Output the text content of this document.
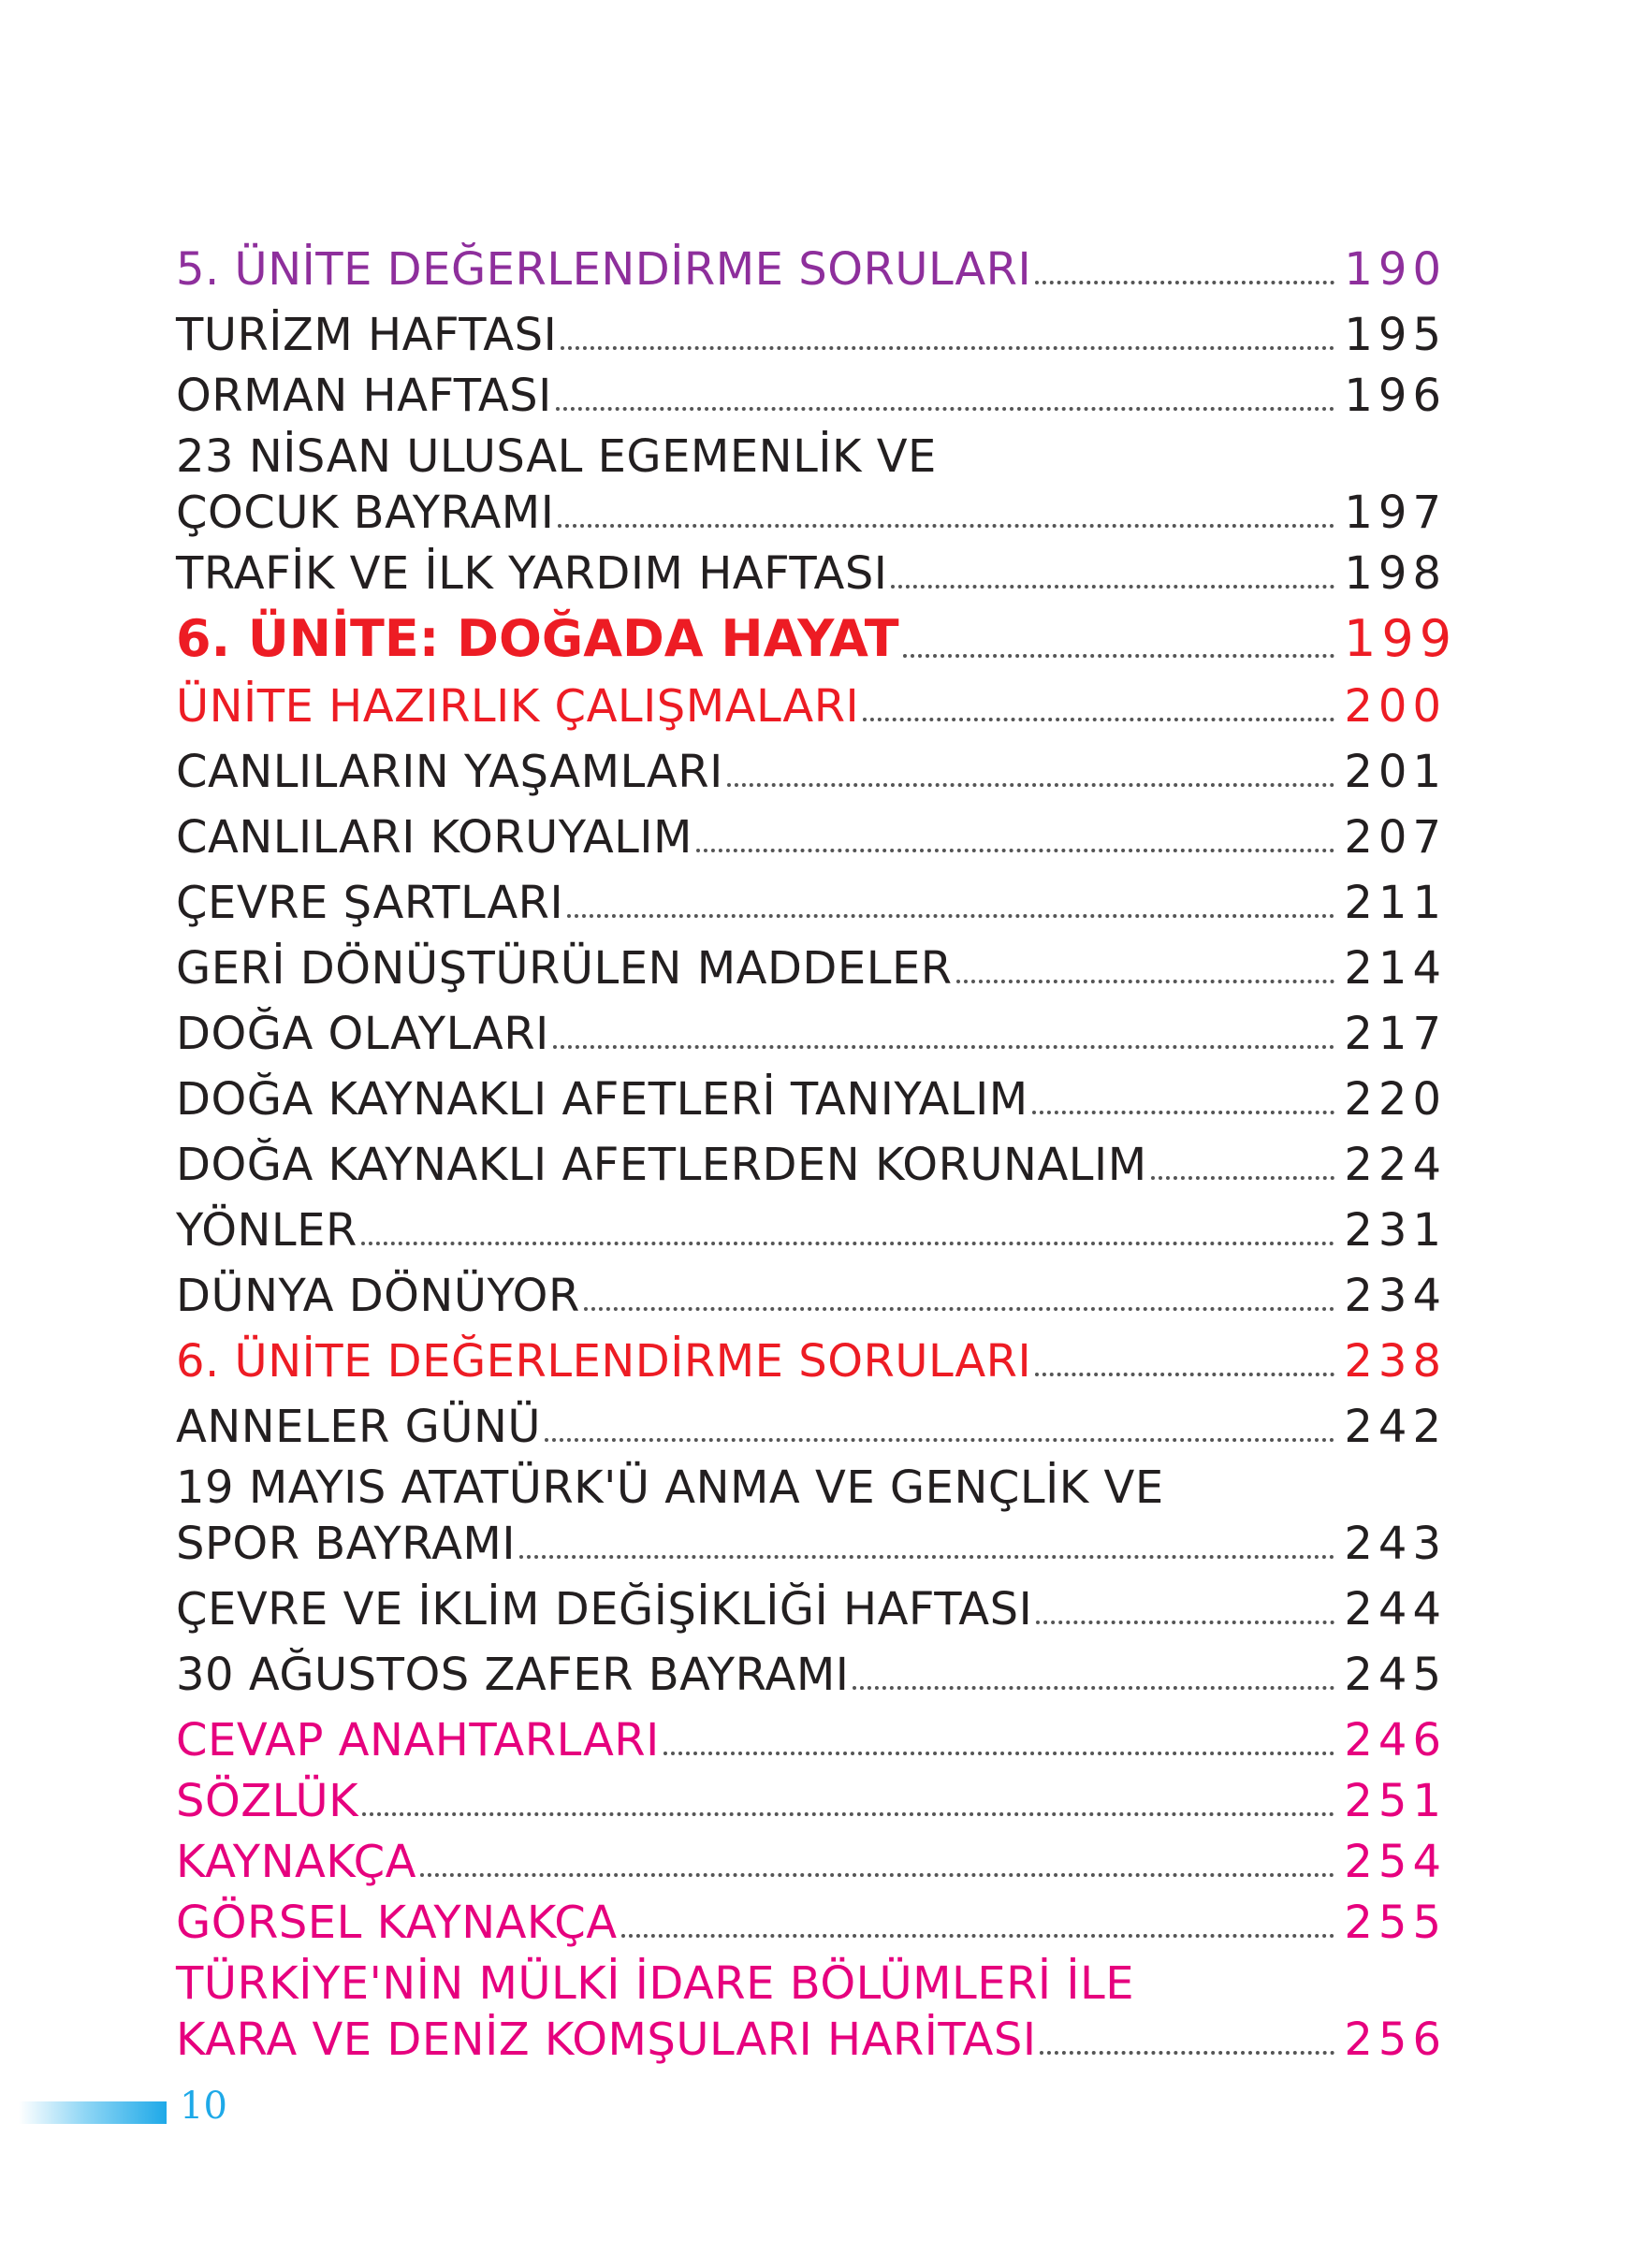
5. ÜNİTE DEĞERLENDİRME SORULARI	190
TURİZM HAFTASI	195
ORMAN HAFTASI	196
23 NİSAN ULUSAL EGEMENLİK VE
ÇOCUK BAYRAMI	197
TRAFİK VE İLK YARDIM HAFTASI	198
6. ÜNİTE: DOĞADA HAYAT	199
ÜNİTE HAZIRLIK ÇALIŞMALARI	200
CANLILARIN YAŞAMLARI	201
CANLILARI KORUYALIM	207
ÇEVRE ŞARTLARI	211
GERİ DÖNÜŞTÜRÜLEN MADDELER	214
DOĞA OLAYLARI	217
DOĞA KAYNAKLI AFETLERİ TANIYALIM	220
DOĞA KAYNAKLI AFETLERDEN KORUNALIM	224
YÖNLER	231
DÜNYA DÖNÜYOR	234
6. ÜNİTE DEĞERLENDİRME SORULARI	238
ANNELER GÜNÜ	242
19 MAYIS ATATÜRK'Ü ANMA VE GENÇLİK VE
SPOR BAYRAMI	243
ÇEVRE VE İKLİM DEĞİŞİKLİĞİ HAFTASI	244
30 AĞUSTOS ZAFER BAYRAMI	245
CEVAP ANAHTARLARI	246
SÖZLÜK	251
KAYNAKÇA	254
GÖRSEL KAYNAKÇA	255
TÜRKİYE'NİN MÜLKİ İDARE BÖLÜMLERİ İLE
KARA VE DENİZ KOMŞULARI HARİTASI	256
10
